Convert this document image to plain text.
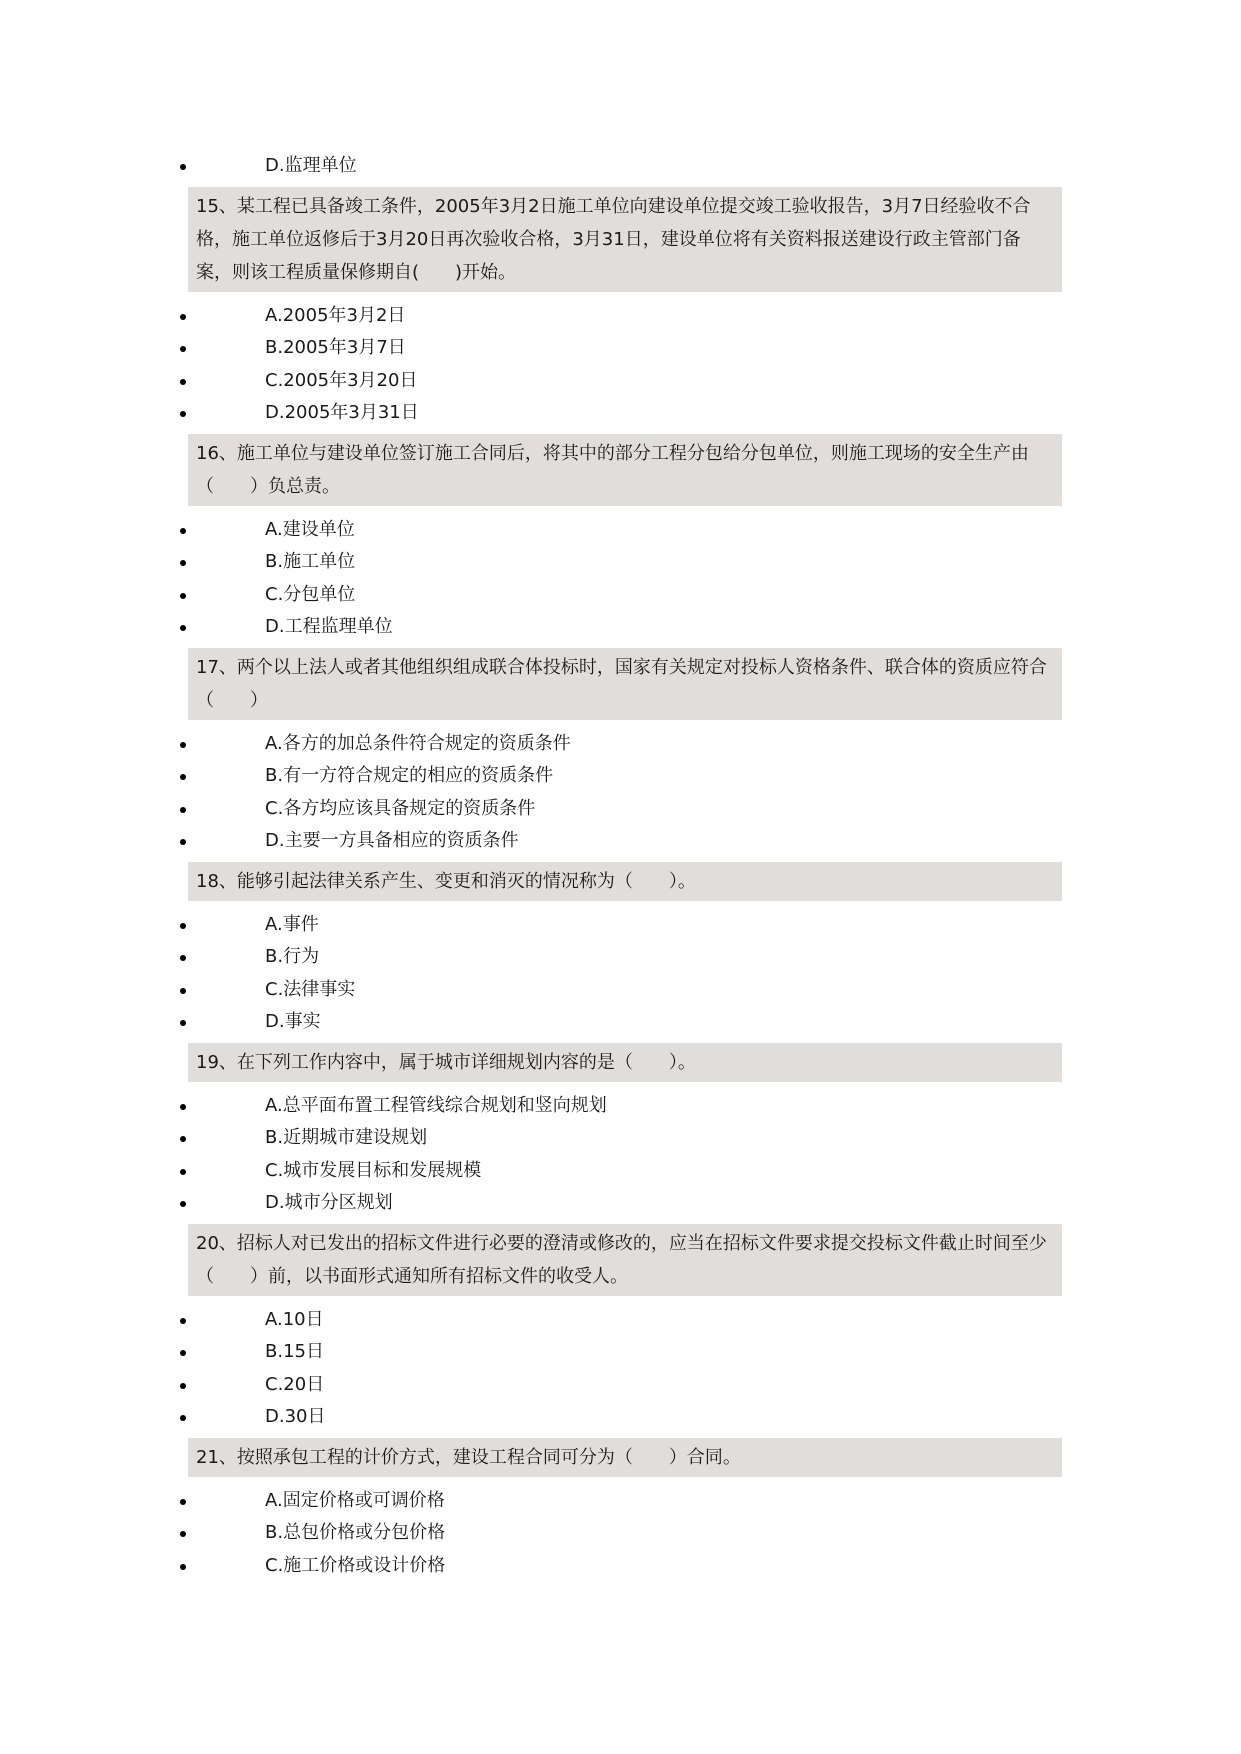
D.监理单位
15、某工程已具备竣工条件，2005年3月2日施工单位向建设单位提交竣工验收报告，3月7日经验收不合格，施工单位返修后于3月20日再次验收合格，3月31日，建设单位将有关资料报送建设行政主管部门备案，则该工程质量保修期自(　　)开始。
A.2005年3月2日
B.2005年3月7日
C.2005年3月20日
D.2005年3月31日
16、施工单位与建设单位签订施工合同后，将其中的部分工程分包给分包单位，则施工现场的安全生产由（　　）负总责。
A.建设单位
B.施工单位
C.分包单位
D.工程监理单位
17、两个以上法人或者其他组织组成联合体投标时，国家有关规定对投标人资格条件、联合体的资质应符合（　　）
A.各方的加总条件符合规定的资质条件
B.有一方符合规定的相应的资质条件
C.各方均应该具备规定的资质条件
D.主要一方具备相应的资质条件
18、能够引起法律关系产生、变更和消灭的情况称为（　　）。
A.事件
B.行为
C.法律事实
D.事实
19、在下列工作内容中，属于城市详细规划内容的是（　　）。
A.总平面布置工程管线综合规划和竖向规划
B.近期城市建设规划
C.城市发展目标和发展规模
D.城市分区规划
20、招标人对已发出的招标文件进行必要的澄清或修改的，应当在招标文件要求提交投标文件截止时间至少（　　）前，以书面形式通知所有招标文件的收受人。
A.10日
B.15日
C.20日
D.30日
21、按照承包工程的计价方式，建设工程合同可分为（　　）合同。
A.固定价格或可调价格
B.总包价格或分包价格
C.施工价格或设计价格
